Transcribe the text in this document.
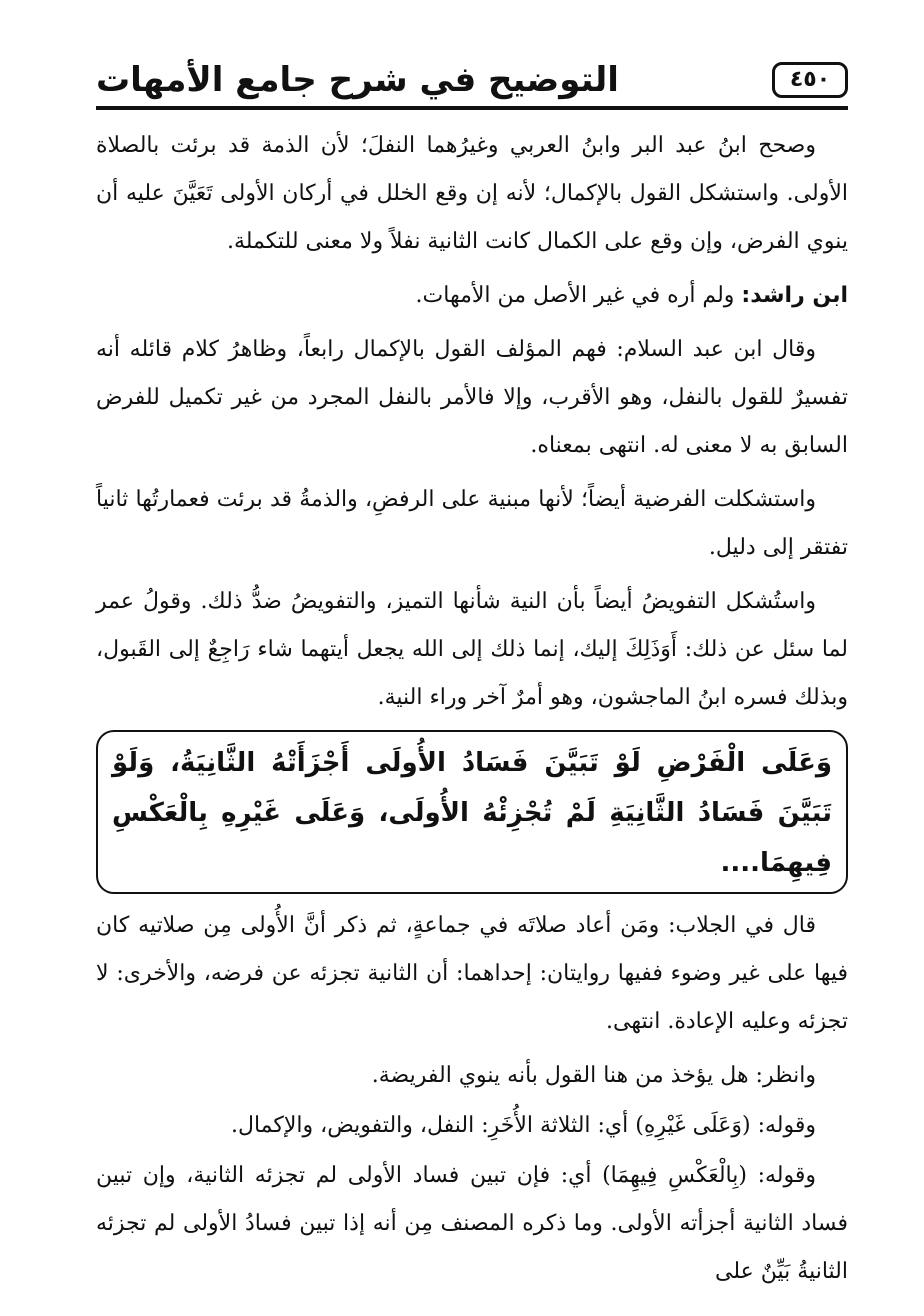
٤٥٠
التوضيح في شرح جامع الأمهات

وصحح ابنُ عبد البر وابنُ العربي وغيرُهما النفلَ؛ لأن الذمة قد برئت بالصلاة الأولى. واستشكل القول بالإكمال؛ لأنه إن وقع الخلل في أركان الأولى تَعَيَّنَ عليه أن ينوي الفرض، وإن وقع على الكمال كانت الثانية نفلاً ولا معنى للتكملة.

ابن راشد: ولم أره في غير الأصل من الأمهات.

وقال ابن عبد السلام: فهم المؤلف القول بالإكمال رابعاً، وظاهرُ كلام قائله أنه تفسيرٌ للقول بالنفل، وهو الأقرب، وإلا فالأمر بالنفل المجرد من غير تكميل للفرض السابق به لا معنى له. انتهى بمعناه.

واستشكلت الفرضية أيضاً؛ لأنها مبنية على الرفضِ، والذمةُ قد برئت فعمارتُها ثانياً تفتقر إلى دليل.

واستُشكل التفويضُ أيضاً بأن النية شأنها التميز، والتفويضُ ضدُّ ذلك. وقولُ عمر لما سئل عن ذلك: أَوَذَلِكَ إليك، إنما ذلك إلى الله يجعل أيتهما شاء رَاجِعٌ إلى القَبول، وبذلك فسره ابنُ الماجشون، وهو أمرٌ آخر وراء النية.

وَعَلَى الْفَرْضِ لَوْ تَبَيَّنَ فَسَادُ الأُولَى أَجْزَأَتْهُ الثَّانِيَةُ، وَلَوْ تَبَيَّنَ فَسَادُ الثَّانِيَةِ لَمْ تُجْزِئْهُ الأُولَى، وَعَلَى غَيْرِهِ بِالْعَكْسِ فِيهِمَا....

قال في الجلاب: ومَن أعاد صلاتَه في جماعةٍ، ثم ذكر أنَّ الأُولى مِن صلاتيه كان فيها على غير وضوء ففيها روايتان: إحداهما: أن الثانية تجزئه عن فرضه، والأخرى: لا تجزئه وعليه الإعادة. انتهى.

وانظر: هل يؤخذ من هنا القول بأنه ينوي الفريضة.

وقوله: (وَعَلَى غَيْرِهِ) أي: الثلاثة الأُخَرِ: النفل، والتفويض، والإكمال.

وقوله: (بِالْعَكْسِ فِيهِمَا) أي: فإن تبين فساد الأولى لم تجزئه الثانية، وإن تبين فساد الثانية أجزأته الأولى. وما ذكره المصنف مِن أنه إذا تبين فسادُ الأولى لم تجزئه الثانيةُ بَيِّنٌ على
